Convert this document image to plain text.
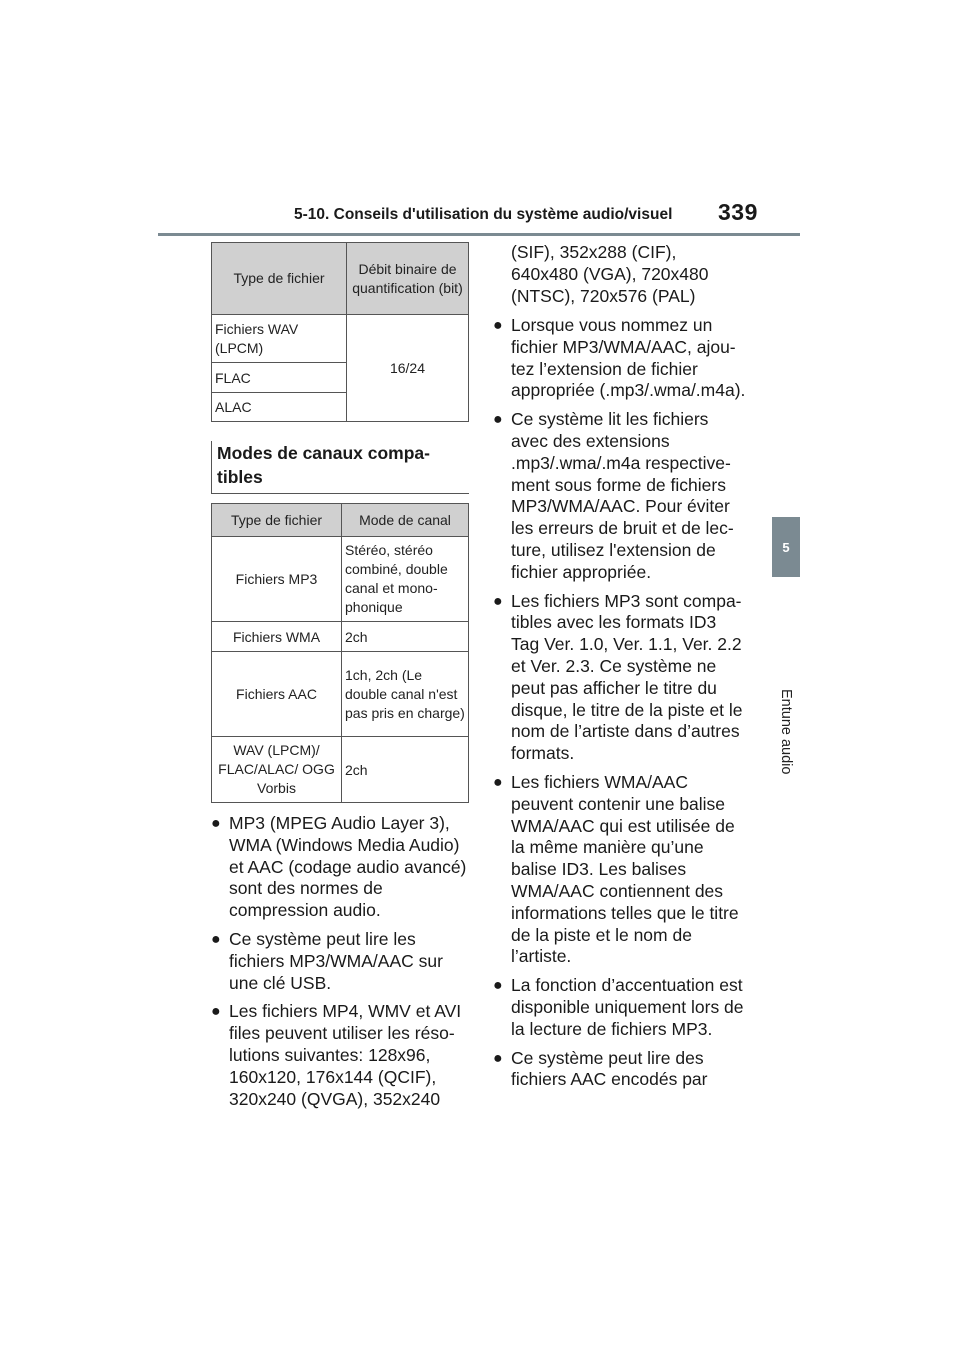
5-10. Conseils d'utilisation du système audio/visuel 339
5
Entune audio
Type de fichier	Débit binaire de quantification (bit)
Fichiers WAV (LPCM)	16/24
FLAC	
ALAC	
Modes de canaux compa-tibles
Type de fichier	Mode de canal
Fichiers MP3	Stéréo, stéréo combiné, double canal et mono-phonique
Fichiers WMA	2ch
Fichiers AAC	1ch, 2ch (Le double canal n'est pas pris en charge)
WAV (LPCM)/ FLAC/ALAC/ OGG Vorbis	2ch
● MP3 (MPEG Audio Layer 3), WMA (Windows Media Audio) et AAC (codage audio avancé) sont des normes de compression audio.
● Ce système peut lire les fichiers MP3/WMA/AAC sur une clé USB.
● Les fichiers MP4, WMV et AVI files peuvent utiliser les réso-lutions suivantes: 128x96, 160x120, 176x144 (QCIF), 320x240 (QVGA), 352x240
(SIF), 352x288 (CIF), 640x480 (VGA), 720x480 (NTSC), 720x576 (PAL)
● Lorsque vous nommez un fichier MP3/WMA/AAC, ajou-tez l’extension de fichier appropriée (.mp3/.wma/.m4a).
● Ce système lit les fichiers avec des extensions .mp3/.wma/.m4a respective-ment sous forme de fichiers MP3/WMA/AAC. Pour éviter les erreurs de bruit et de lec-ture, utilisez l'extension de fichier appropriée.
● Les fichiers MP3 sont compa-tibles avec les formats ID3 Tag Ver. 1.0, Ver. 1.1, Ver. 2.2 et Ver. 2.3. Ce système ne peut pas afficher le titre du disque, le titre de la piste et le nom de l’artiste dans d’autres formats.
● Les fichiers WMA/AAC peuvent contenir une balise WMA/AAC qui est utilisée de la même manière qu’une balise ID3. Les balises WMA/AAC contiennent des informations telles que le titre de la piste et le nom de l’artiste.
● La fonction d’accentuation est disponible uniquement lors de la lecture de fichiers MP3.
● Ce système peut lire des fichiers AAC encodés par
